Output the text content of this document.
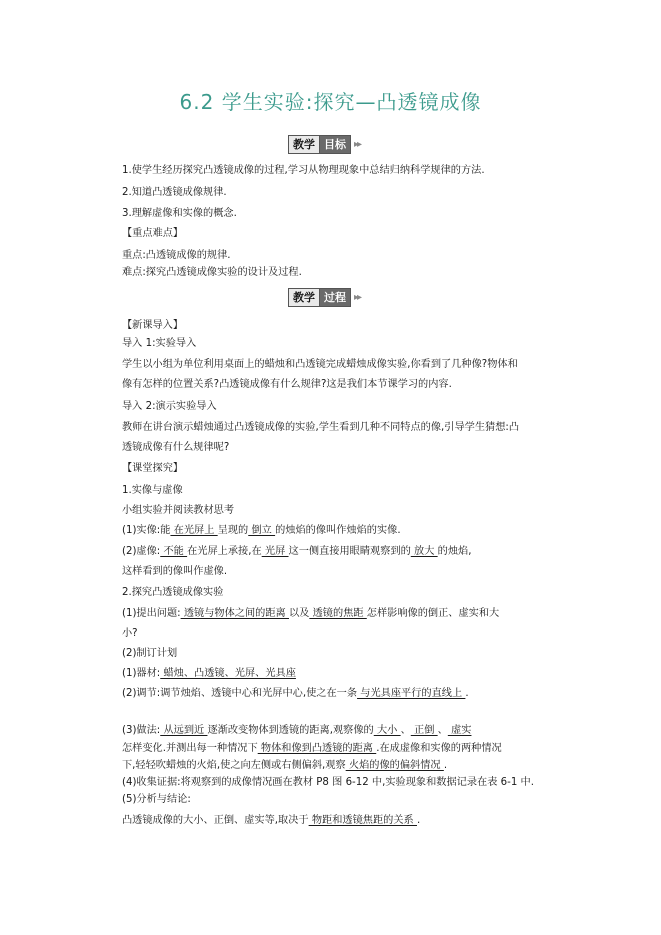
6.2 学生实验:探究—凸透镜成像
教学 目标 ▸▸
1.使学生经历探究凸透镜成像的过程,学习从物理现象中总结归纳科学规律的方法.
2.知道凸透镜成像规律.
3.理解虚像和实像的概念.
【重点难点】
重点:凸透镜成像的规律.
难点:探究凸透镜成像实验的设计及过程.
教学 过程 ▸▸
【新课导入】
导入 1:实验导入
学生以小组为单位利用桌面上的蜡烛和凸透镜完成蜡烛成像实验,你看到了几种像?物体和
像有怎样的位置关系?凸透镜成像有什么规律?这是我们本节课学习的内容.
导入 2:演示实验导入
教师在讲台演示蜡烛通过凸透镜成像的实验,学生看到几种不同特点的像,引导学生猜想:凸
透镜成像有什么规律呢?
【课堂探究】
1.实像与虚像
小组实验并阅读教材思考
(1)实像:能 在光屏上 呈现的 倒立 的烛焰的像叫作烛焰的实像.
(2)虚像: 不能 在光屏上承接,在 光屏 这一侧直接用眼睛观察到的 放大 的烛焰,
这样看到的像叫作虚像.
2.探究凸透镜成像实验
(1)提出问题: 透镜与物体之间的距离 以及 透镜的焦距 怎样影响像的倒正、虚实和大
小?
(2)制订计划
(1)器材: 蜡烛、凸透镜、光屏、光具座
(2)调节:调节烛焰、透镜中心和光屏中心,使之在一条 与光具座平行的直线上 .
(3)做法: 从远到近 逐渐改变物体到透镜的距离,观察像的 大小 、 正倒 、 虚实
怎样变化.并测出每一种情况下 物体和像到凸透镜的距离 .在成虚像和实像的两种情况
下,轻轻吹蜡烛的火焰,使之向左侧或右侧偏斜,观察 火焰的像的偏斜情况 .
(4)收集证据:将观察到的成像情况画在教材 P8 图 6-12 中,实验现象和数据记录在表 6-1 中.
(5)分析与结论:
凸透镜成像的大小、正倒、虚实等,取决于 物距和透镜焦距的关系 .
